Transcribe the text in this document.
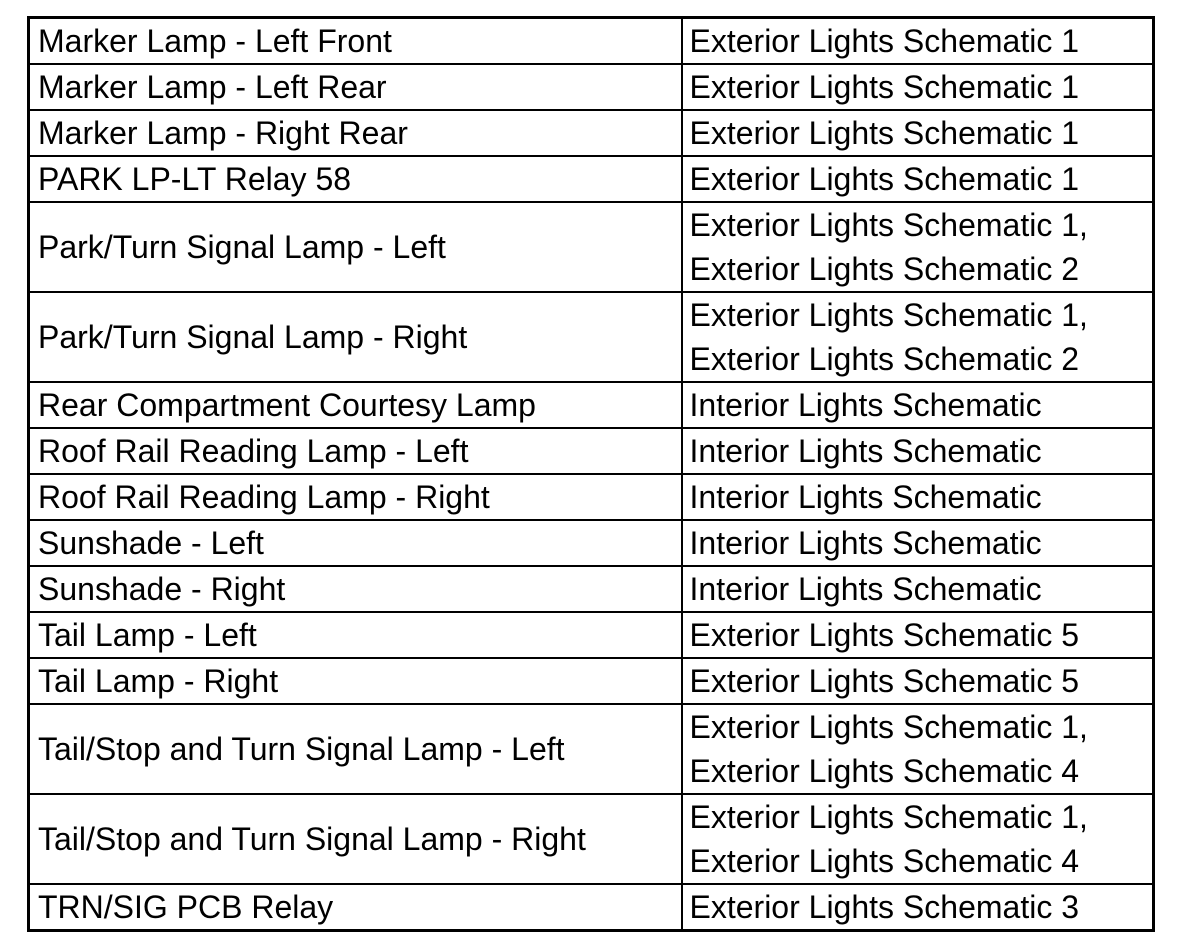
Marker Lamp - Left Front	Exterior Lights Schematic 1

Marker Lamp - Left Rear	Exterior Lights Schematic 1

Marker Lamp - Right Rear	Exterior Lights Schematic 1

PARK LP-LT Relay 58	Exterior Lights Schematic 1

Park/Turn Signal Lamp - Left	Exterior Lights Schematic 1,
Exterior Lights Schematic 2

Park/Turn Signal Lamp - Right	Exterior Lights Schematic 1,
Exterior Lights Schematic 2

Rear Compartment Courtesy Lamp	Interior Lights Schematic

Roof Rail Reading Lamp - Left	Interior Lights Schematic

Roof Rail Reading Lamp - Right	Interior Lights Schematic

Sunshade - Left	Interior Lights Schematic

Sunshade - Right	Interior Lights Schematic

Tail Lamp - Left	Exterior Lights Schematic 5

Tail Lamp - Right	Exterior Lights Schematic 5

Tail/Stop and Turn Signal Lamp - Left	Exterior Lights Schematic 1,
Exterior Lights Schematic 4

Tail/Stop and Turn Signal Lamp - Right	Exterior Lights Schematic 1,
Exterior Lights Schematic 4

TRN/SIG PCB Relay	Exterior Lights Schematic 3
